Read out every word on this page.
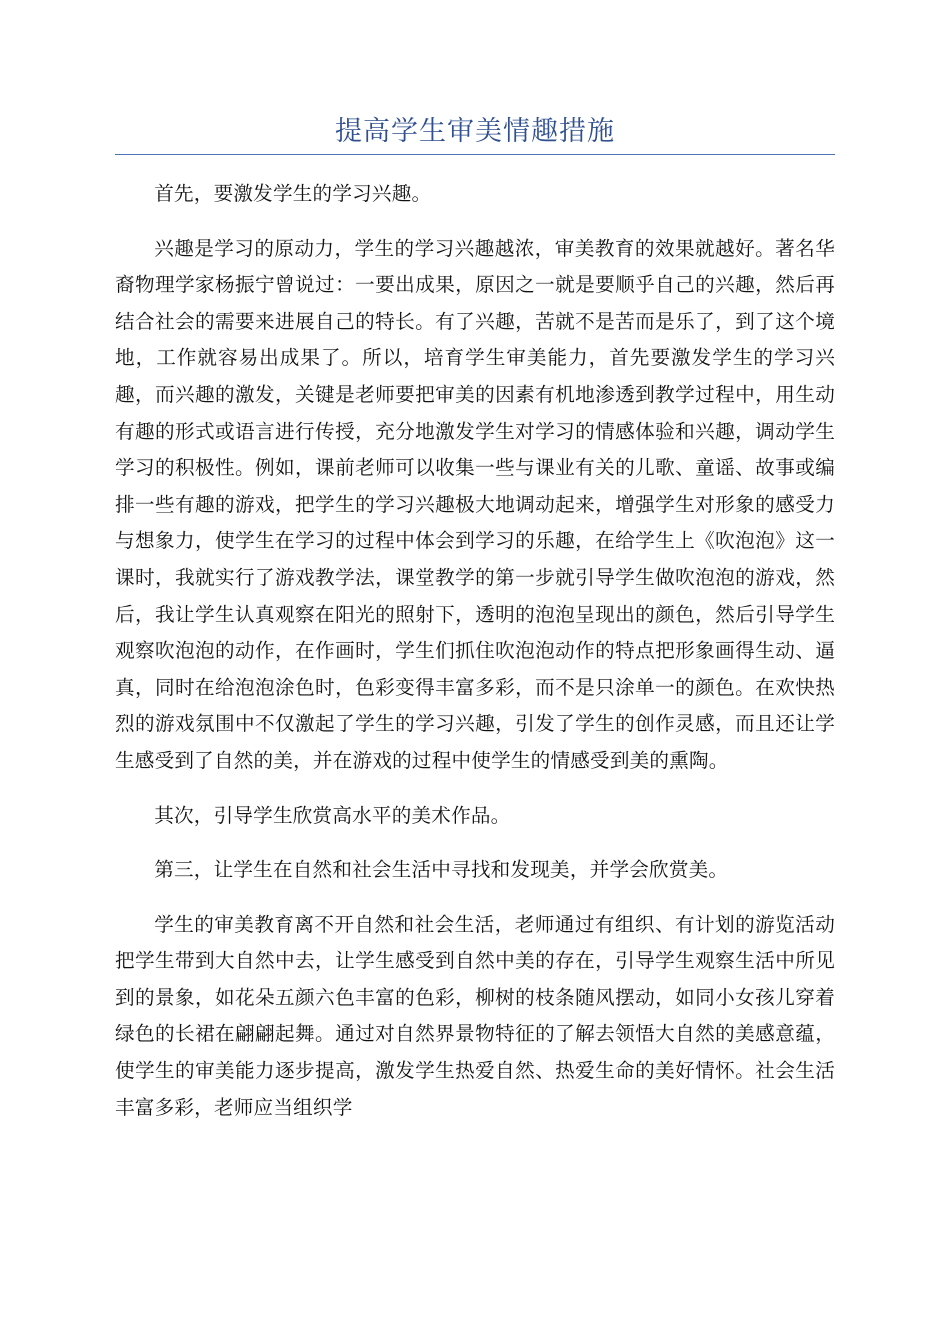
提高学生审美情趣措施

首先，要激发学生的学习兴趣。

兴趣是学习的原动力，学生的学习兴趣越浓，审美教育的效果就越好。著名华裔物理学家杨振宁曾说过：一要出成果，原因之一就是要顺乎自己的兴趣，然后再结合社会的需要来进展自己的特长。有了兴趣，苦就不是苦而是乐了，到了这个境地，工作就容易出成果了。所以，培育学生审美能力，首先要激发学生的学习兴趣，而兴趣的激发，关键是老师要把审美的因素有机地渗透到教学过程中，用生动有趣的形式或语言进行传授，充分地激发学生对学习的情感体验和兴趣，调动学生学习的积极性。例如，课前老师可以收集一些与课业有关的儿歌、童谣、故事或编排一些有趣的游戏，把学生的学习兴趣极大地调动起来，增强学生对形象的感受力与想象力，使学生在学习的过程中体会到学习的乐趣，在给学生上《吹泡泡》这一课时，我就实行了游戏教学法，课堂教学的第一步就引导学生做吹泡泡的游戏，然后，我让学生认真观察在阳光的照射下，透明的泡泡呈现出的颜色，然后引导学生观察吹泡泡的动作，在作画时，学生们抓住吹泡泡动作的特点把形象画得生动、逼真，同时在给泡泡涂色时，色彩变得丰富多彩，而不是只涂单一的颜色。在欢快热烈的游戏氛围中不仅激起了学生的学习兴趣，引发了学生的创作灵感，而且还让学生感受到了自然的美，并在游戏的过程中使学生的情感受到美的熏陶。

其次，引导学生欣赏高水平的美术作品。

第三，让学生在自然和社会生活中寻找和发现美，并学会欣赏美。

学生的审美教育离不开自然和社会生活，老师通过有组织、有计划的游览活动把学生带到大自然中去，让学生感受到自然中美的存在，引导学生观察生活中所见到的景象，如花朵五颜六色丰富的色彩，柳树的枝条随风摆动，如同小女孩儿穿着绿色的长裙在翩翩起舞。通过对自然界景物特征的了解去领悟大自然的美感意蕴，使学生的审美能力逐步提高，激发学生热爱自然、热爱生命的美好情怀。社会生活丰富多彩，老师应当组织学
